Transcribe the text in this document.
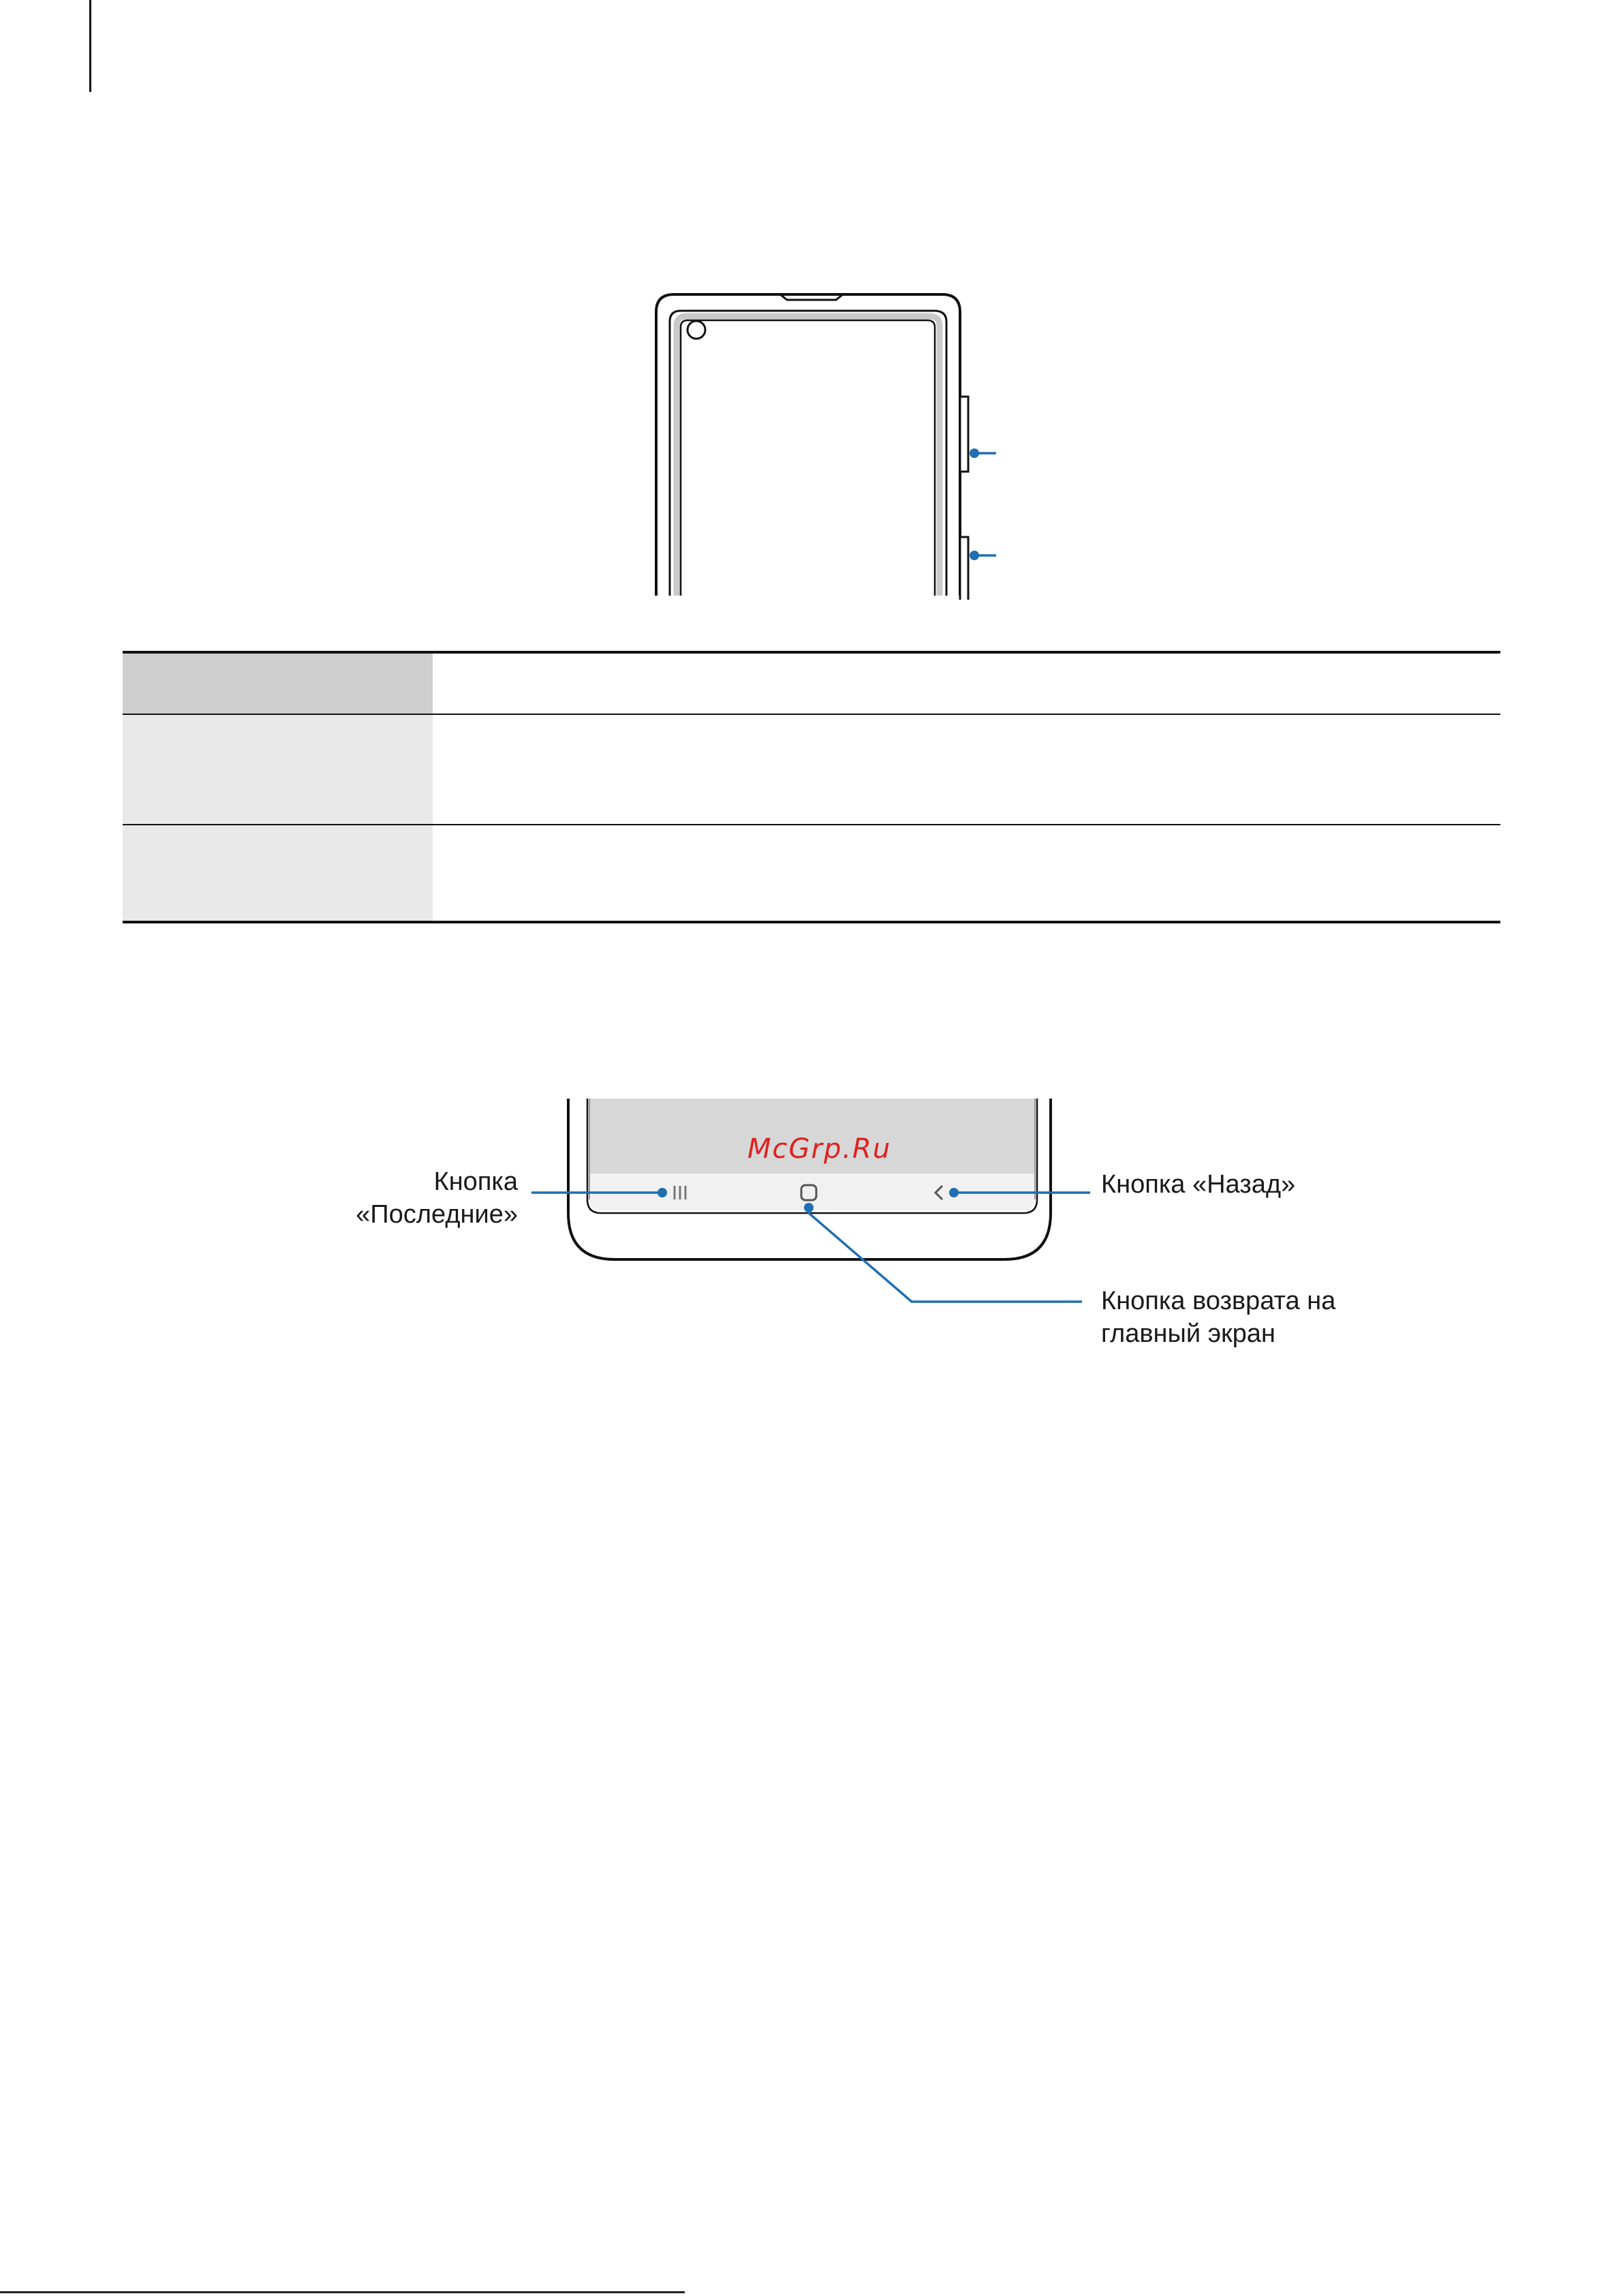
McGrp.Ru
Кнопка
«Последние»
Кнопка «Назад»
Кнопка возврата на
главный экран
